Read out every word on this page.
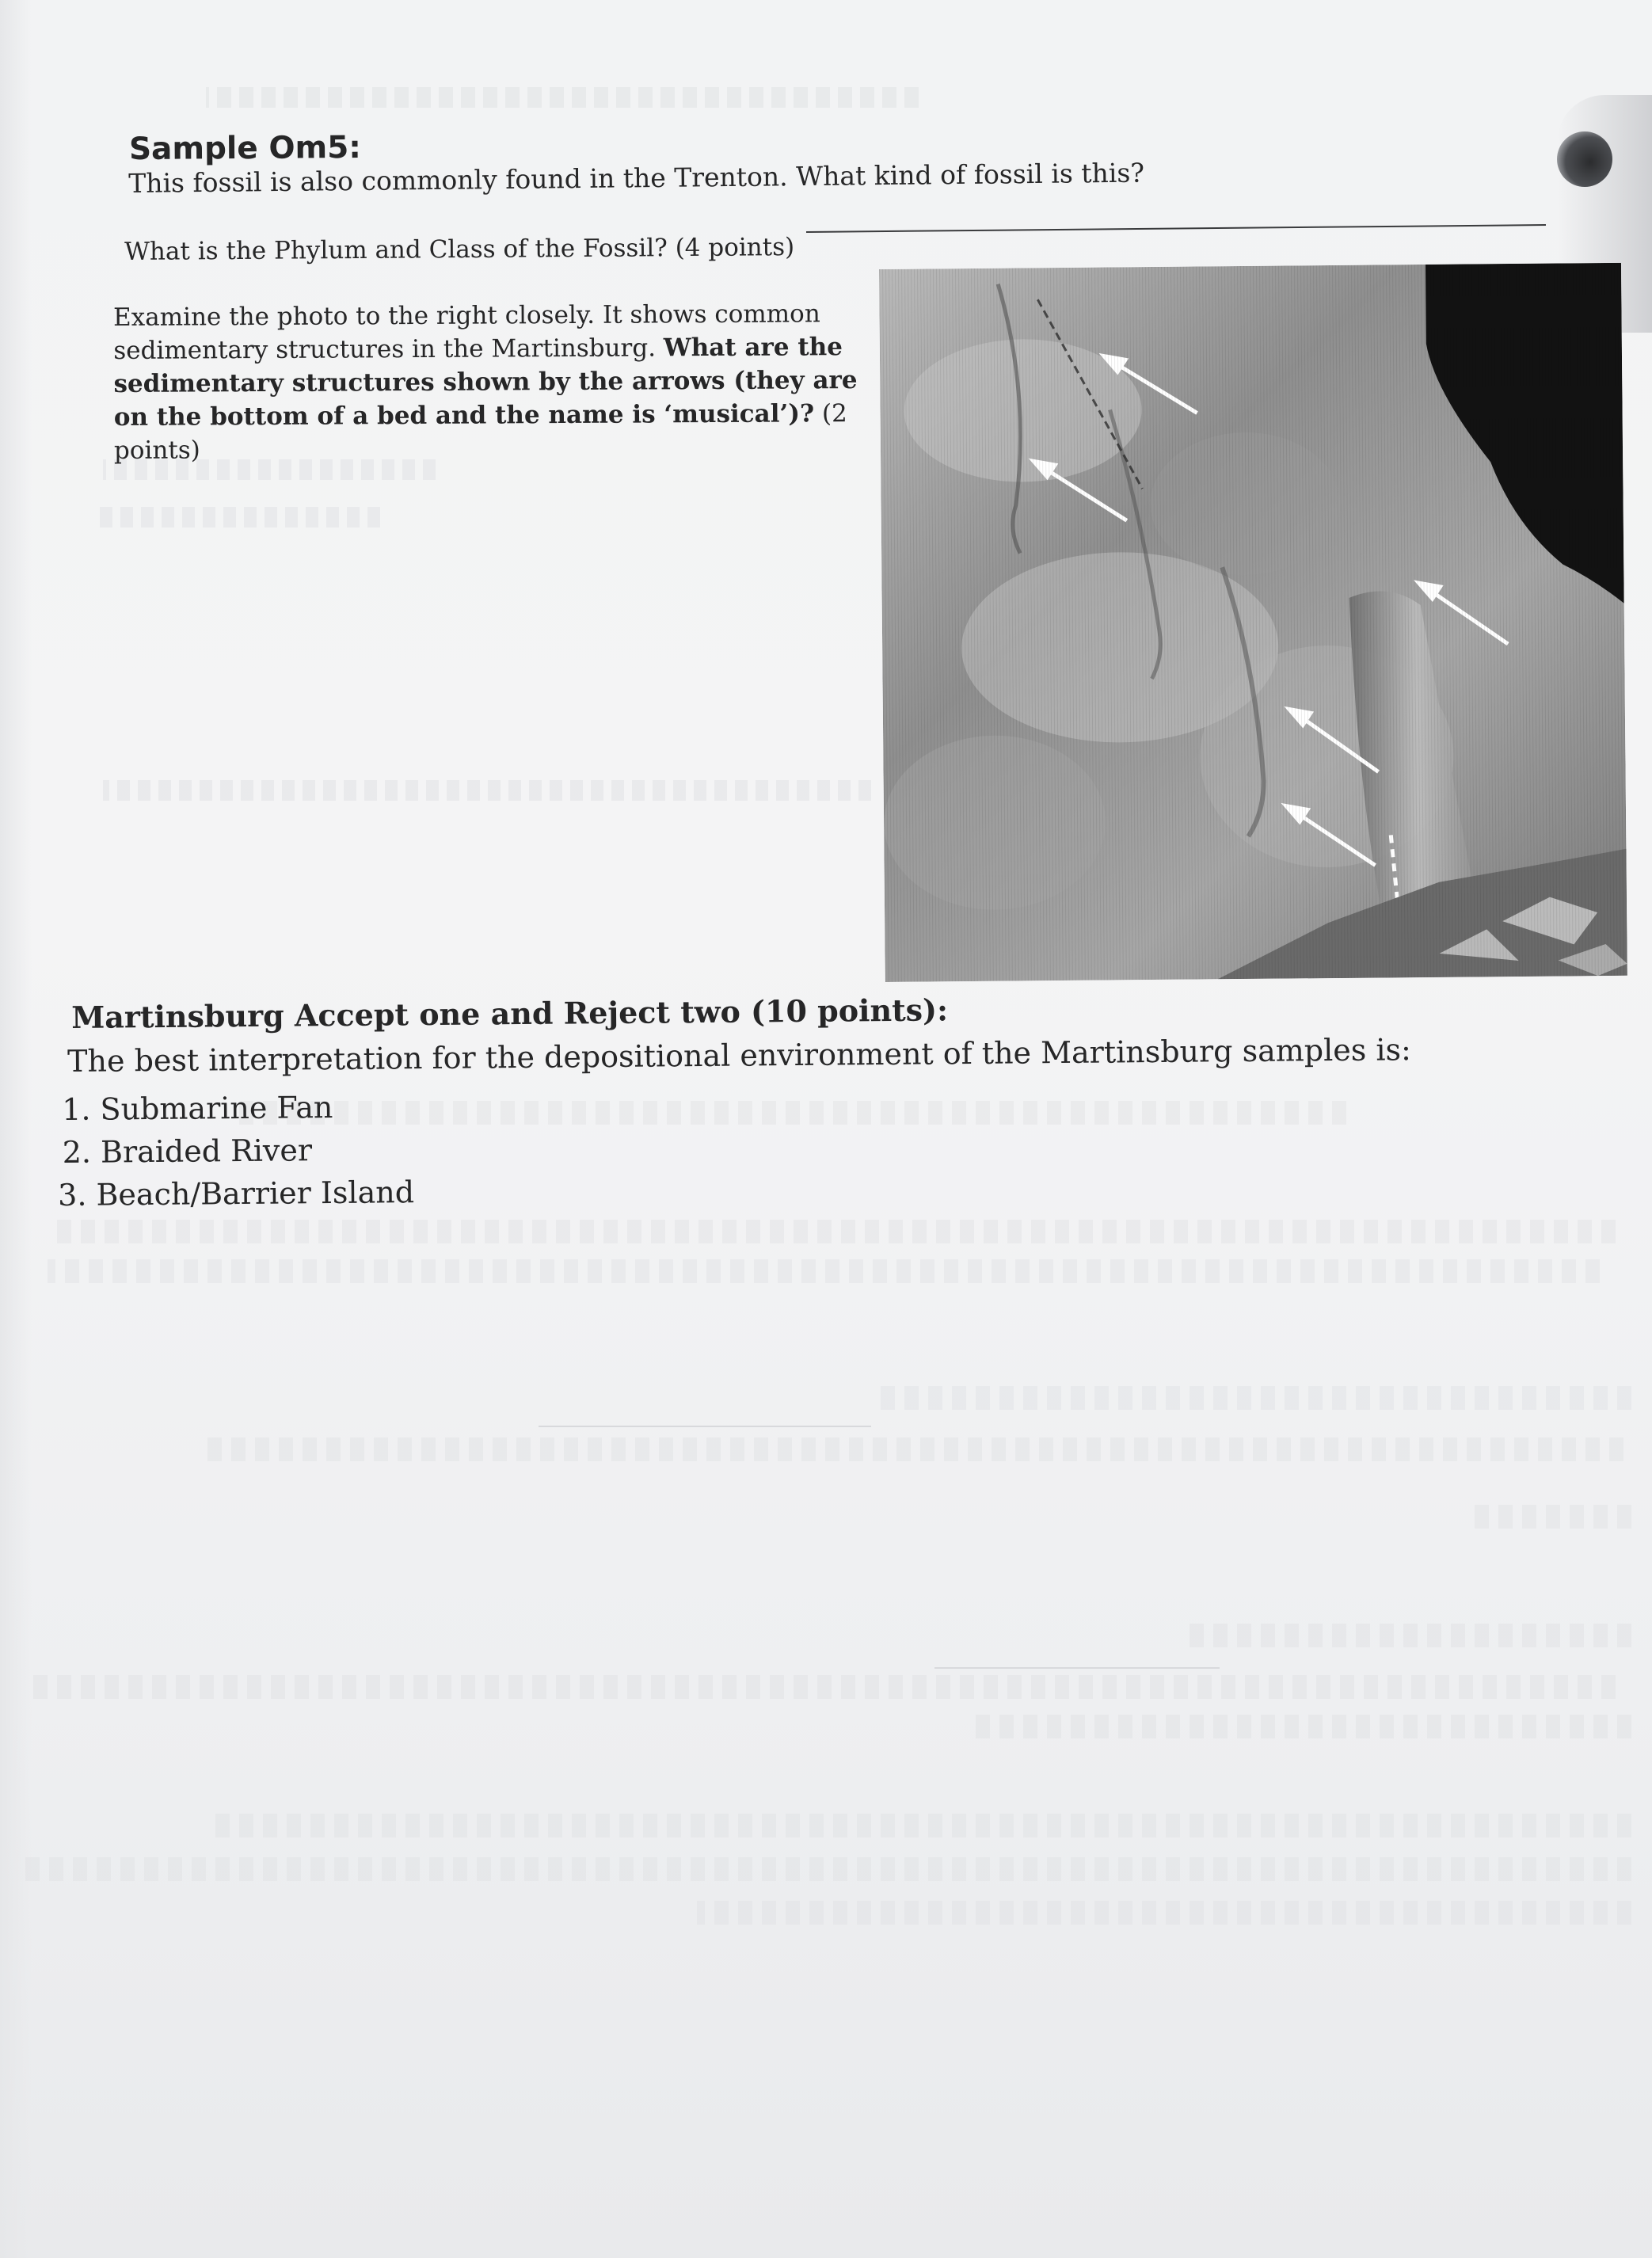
Sample Om5:
This fossil is also commonly found in the Trenton. What kind of fossil is this?
What is the Phylum and Class of the Fossil? (4 points)
Examine the photo to the right closely. It shows common sedimentary structures in the Martinsburg. What are the sedimentary structures shown by the arrows (they are on the bottom of a bed and the name is ‘musical’)? (2 points)
Martinsburg Accept one and Reject two (10 points):
The best interpretation for the depositional environment of the Martinsburg samples is:
1. Submarine Fan
2. Braided River
3. Beach/Barrier Island
